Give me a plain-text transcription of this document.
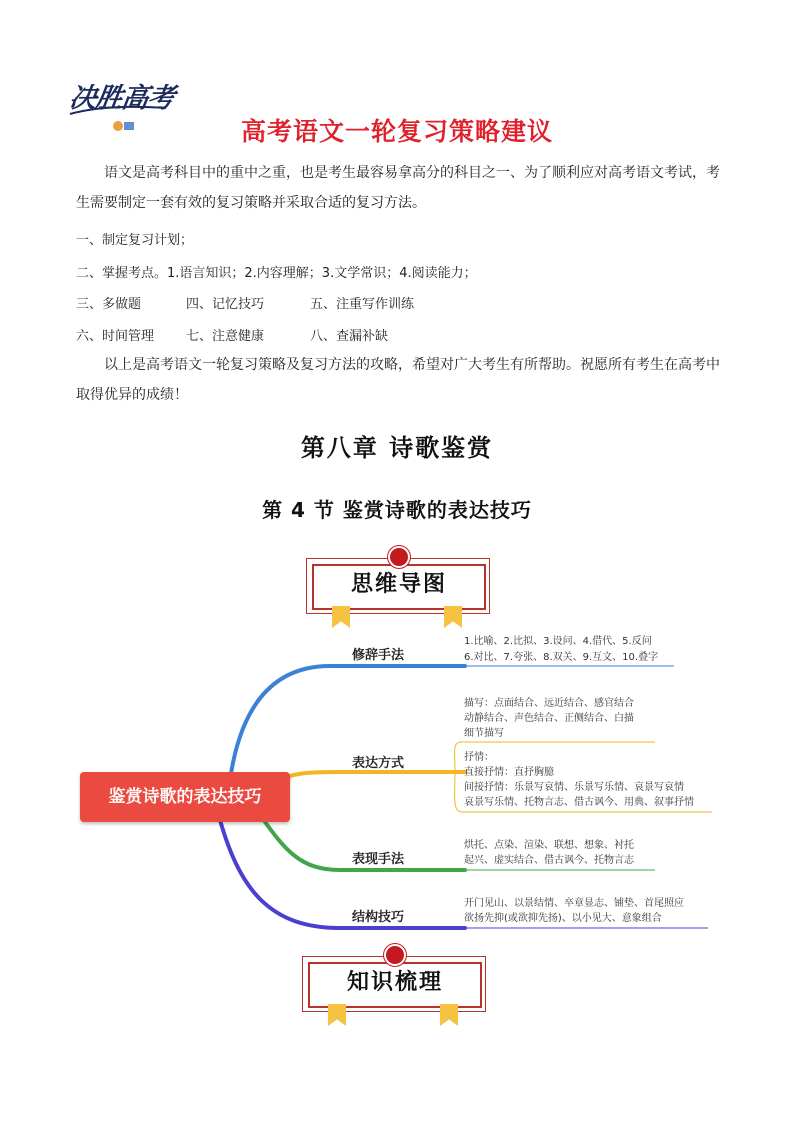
决胜高考
高考语文一轮复习策略建议
语文是高考科目中的重中之重，也是考生最容易拿高分的科目之一、为了顺利应对高考语文考试，考生需要制定一套有效的复习策略并采取合适的复习方法。
一、制定复习计划；
二、掌握考点。1.语言知识；2.内容理解；3.文学常识；4.阅读能力；
三、多做题	四、记忆技巧	五、注重写作训练
六、时间管理 七、注意健康	八、查漏补缺
以上是高考语文一轮复习策略及复习方法的攻略，希望对广大考生有所帮助。祝愿所有考生在高考中取得优异的成绩！
第八章 诗歌鉴赏
第 4 节 鉴赏诗歌的表达技巧
思维导图
鉴赏诗歌的表达技巧
修辞手法
1.比喻、2.比拟、3.设问、4.借代、5.反问
6.对比、7.夸张、8.双关、9.互文、10.叠字
表达方式
描写：点面结合、远近结合、感官结合
动静结合、声色结合、正侧结合、白描
细节描写
抒情：
直接抒情：直抒胸臆
间接抒情：乐景写哀情、乐景写乐情、哀景写哀情
哀景写乐情、托物言志、借古讽今、用典、叙事抒情
表现手法
烘托、点染、渲染、联想、想象、衬托
起兴、虚实结合、借古讽今、托物言志
结构技巧
开门见山、以景结情、卒章显志、铺垫、首尾照应
欲扬先抑(或欲抑先扬)、以小见大、意象组合
知识梳理
